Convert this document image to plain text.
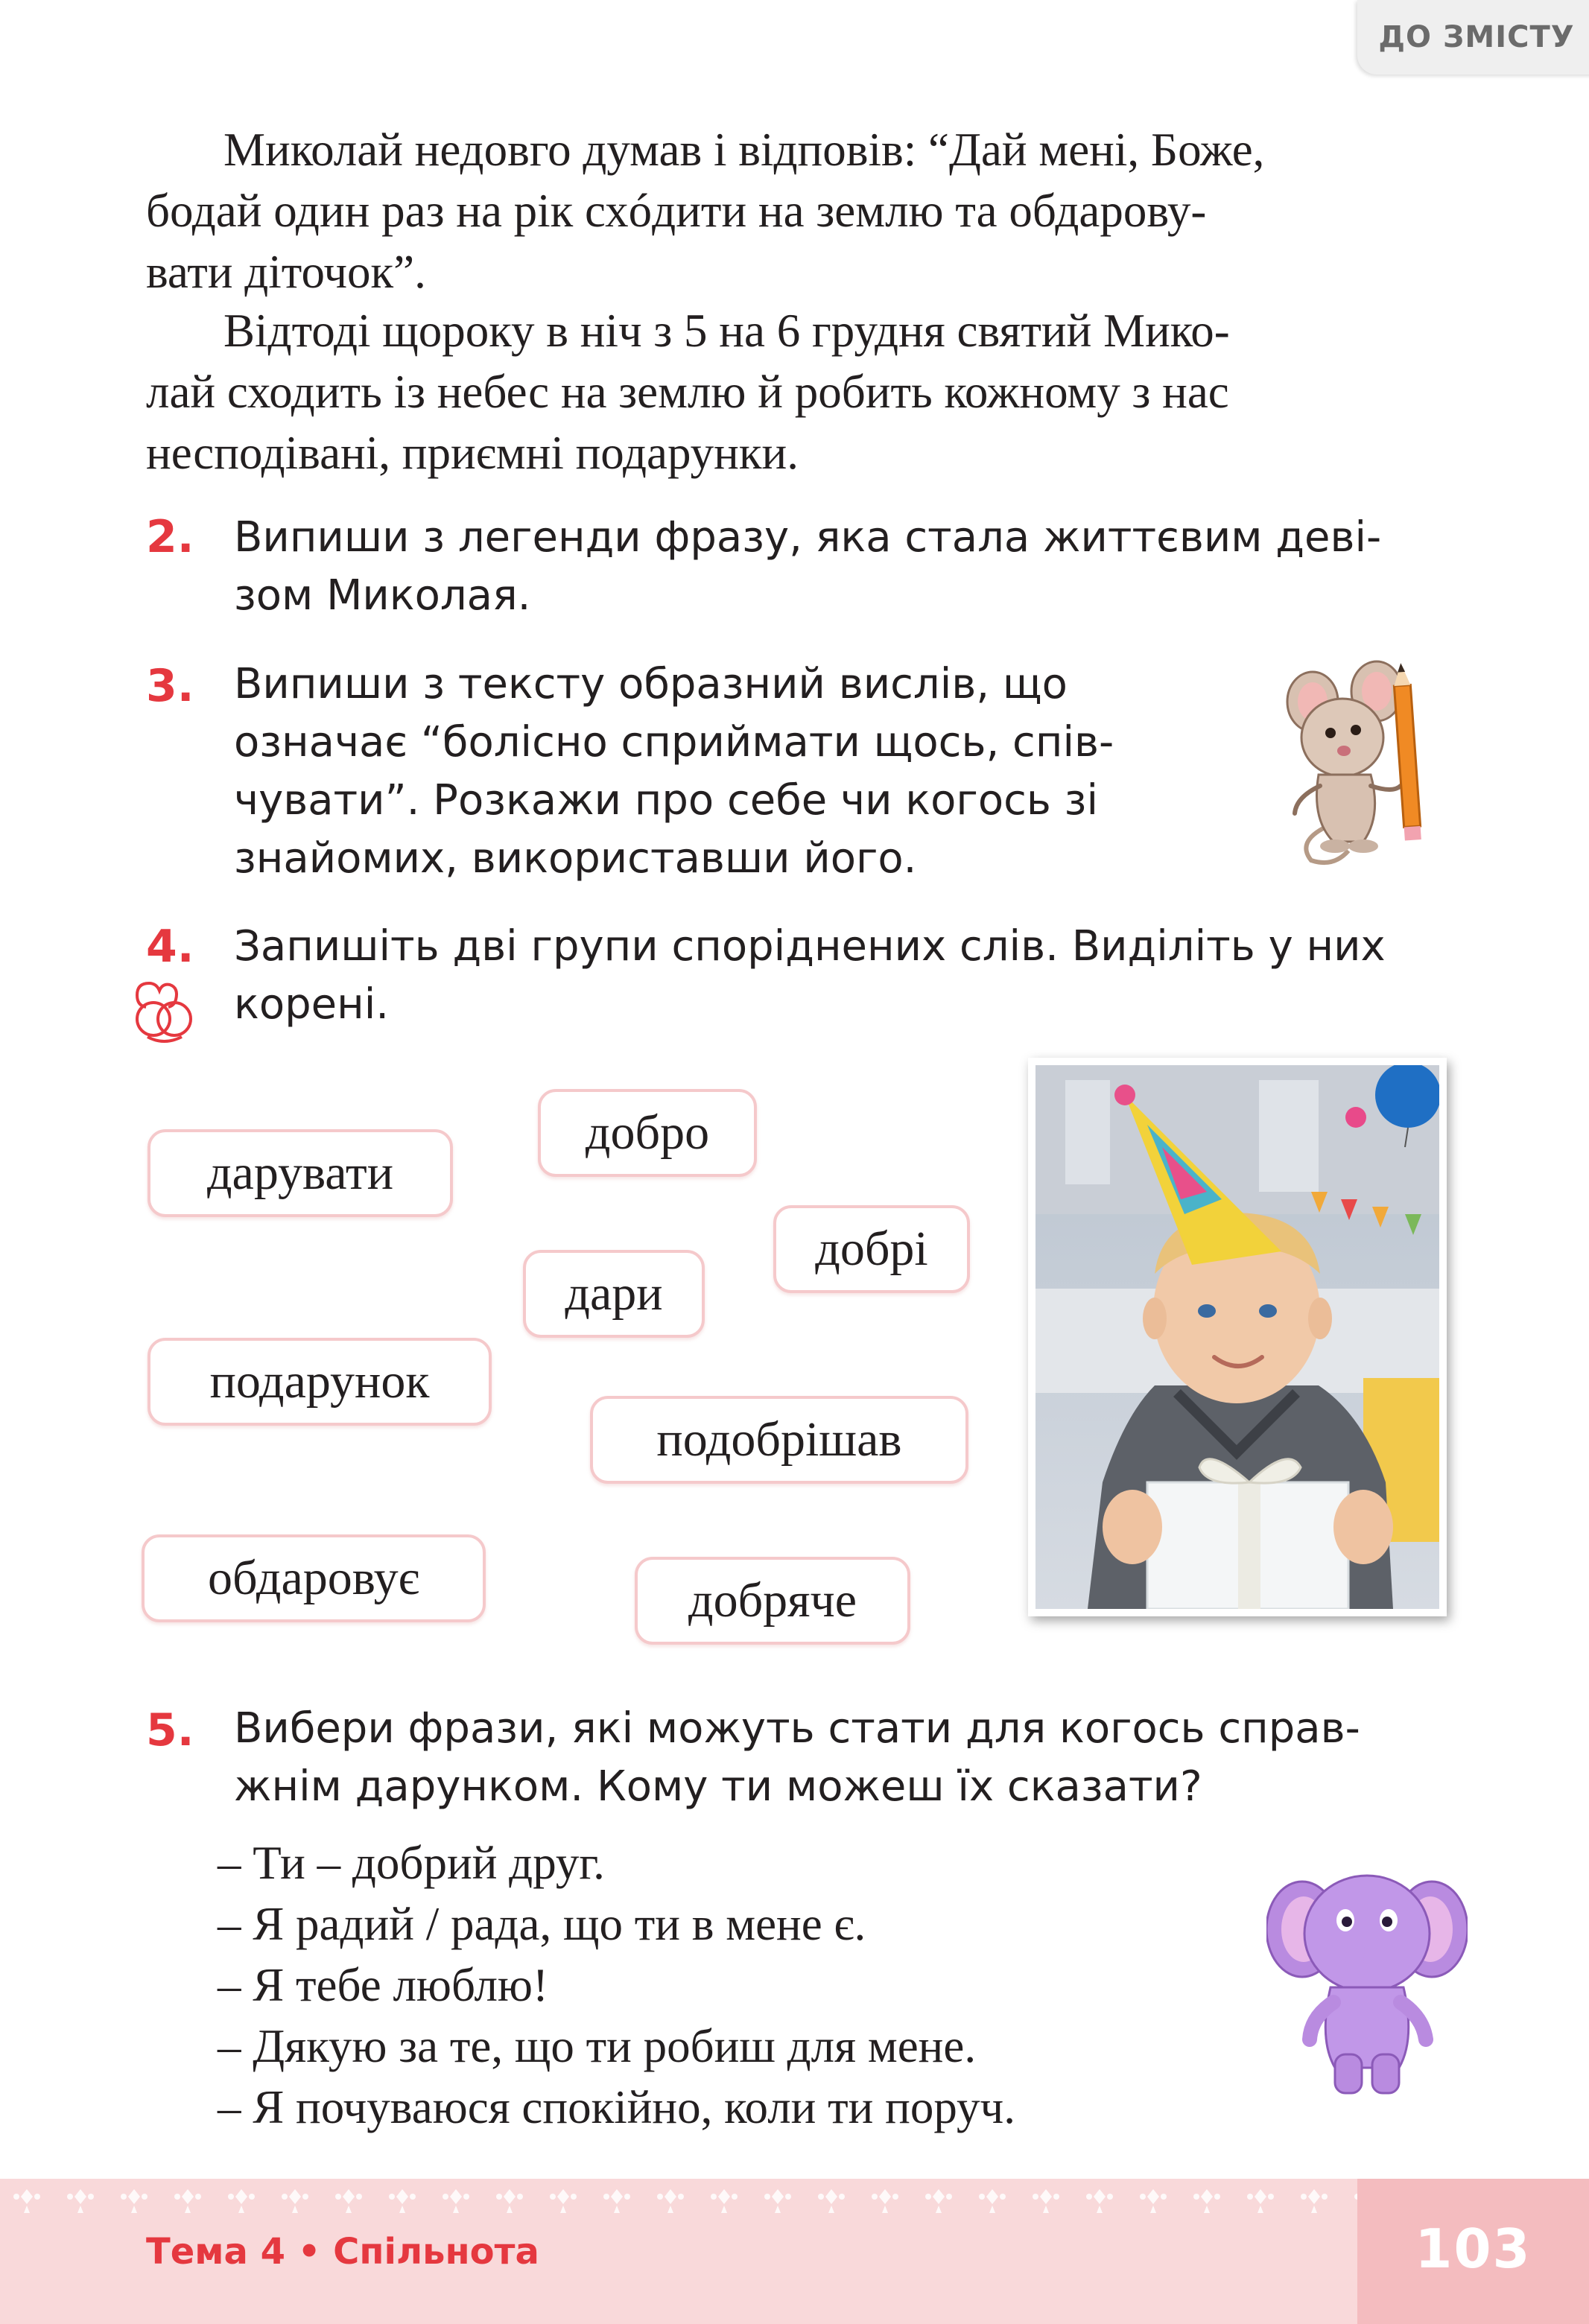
ДО ЗМІСТУ

Миколай недовго думав і відповів: “Дай мені, Боже,
бодай один раз на рік схóдити на землю та обдарову-
вати діточок”.

Відтоді щороку в ніч з 5 на 6 грудня святий Мико-
лай сходить із небес на землю й робить кожному з нас
несподівані, приємні подарунки.

2. Випиши з легенди фразу, яка стала життєвим деві-
зом Миколая.
3. Випиши з тексту образний вислів, що
означає “болісно сприймати щось, спів-
чувати”. Розкажи про себе чи когось зі
знайомих, використавши його.
4. Запишіть дві групи споріднених слів. Виділіть у них
корені.
дарувати
добро
добрі
дари
подарунок
подобрішав
обдаровує	добряче
5. Вибери фрази, які можуть стати для когось справ-
жнім дарунком. Кому ти можеш їх сказати?
– Ти – добрий друг.
– Я радий / рада, що ти в мене є.
– Я тебе люблю!
– Дякую за те, що ти робиш для мене.
– Я почуваюся спокійно, коли ти поруч.
Тема 4 • Спільнота	103
